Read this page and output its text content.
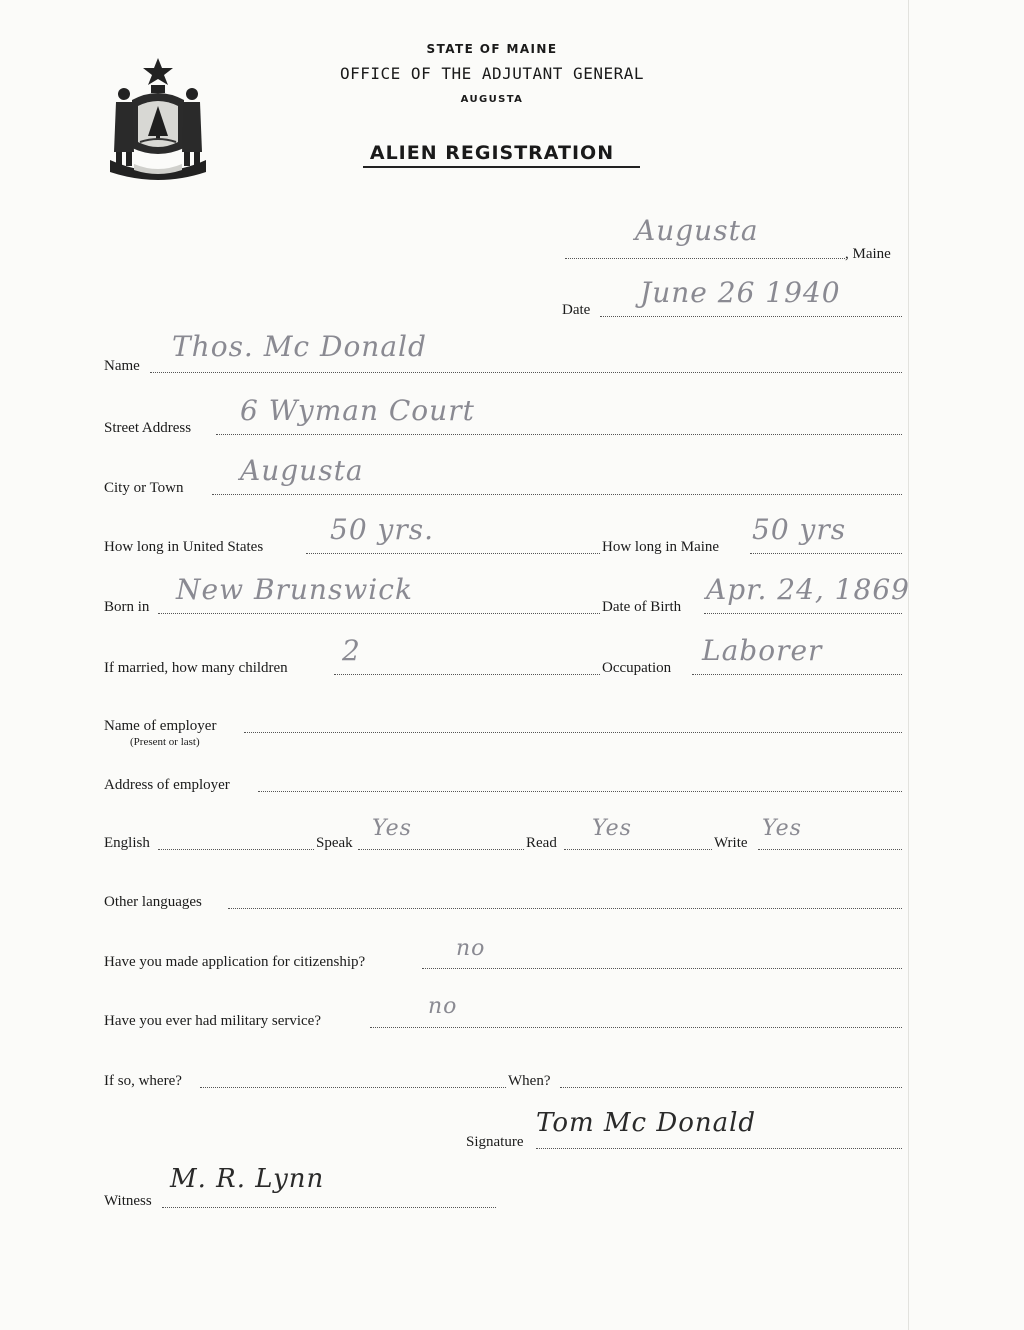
STATE OF MAINE
OFFICE OF THE ADJUTANT GENERAL
AUGUSTA
ALIEN REGISTRATION
Augusta
, Maine
Date
June 26 1940
Name
Thos. Mc Donald
Street Address
6 Wyman Court
City or Town
Augusta
How long in United States
50 yrs.
How long in Maine
50 yrs
Born in
New Brunswick
Date of Birth
Apr. 24, 1869
If married, how many children
2
Occupation
Laborer
Name of employer
(Present or last)
Address of employer
English	Speak
Yes
Read
Yes
Write
Yes
Other languages
Have you made application for citizenship?
no
Have you ever had military service?
no
If so, where?	When?
Signature
Tom Mc Donald
Witness
M. R. Lynn
